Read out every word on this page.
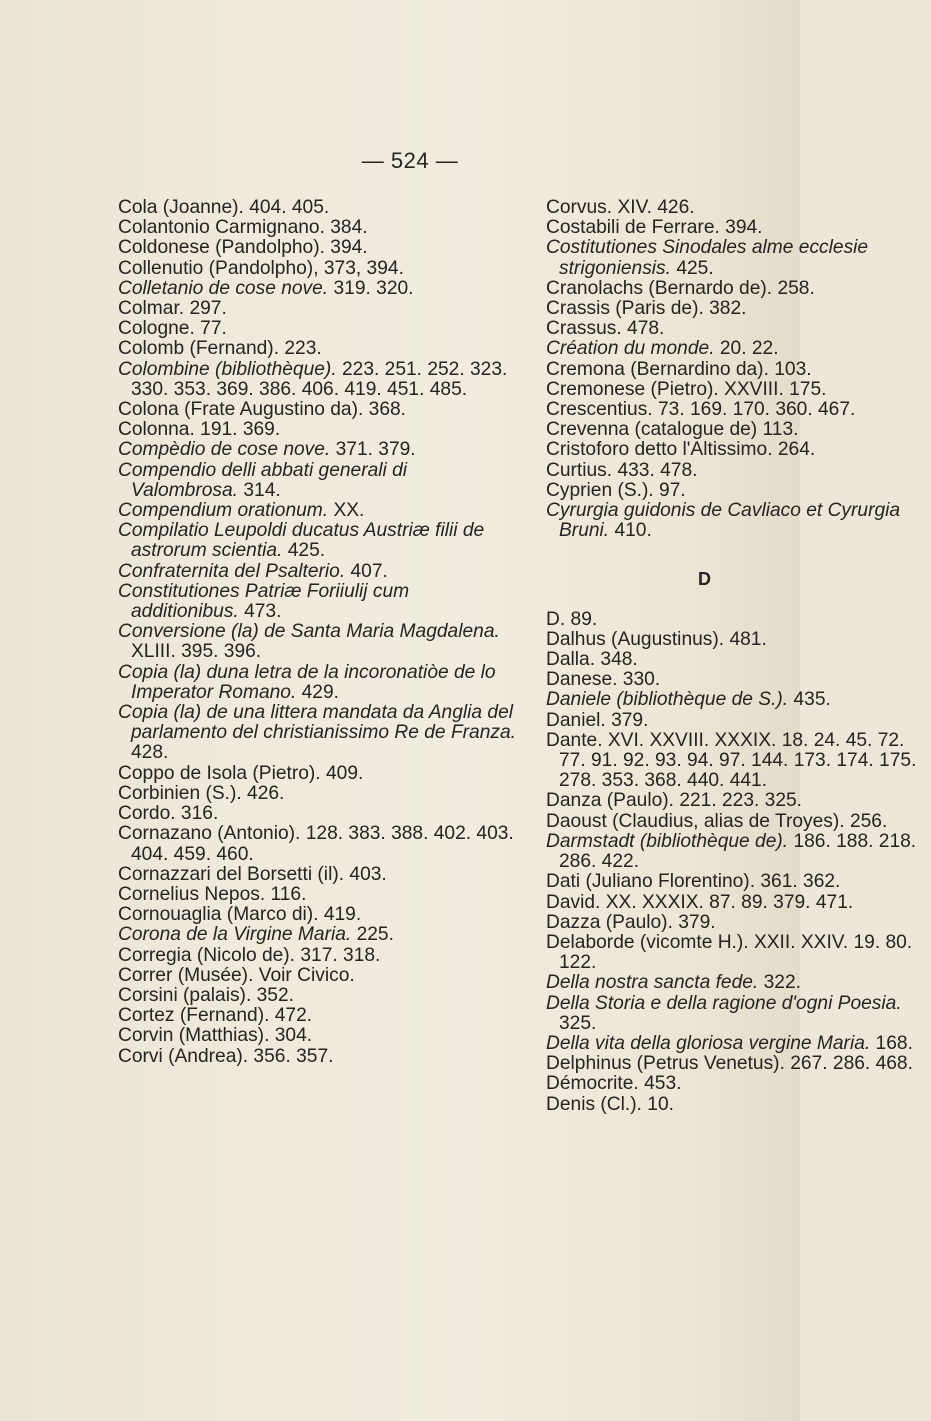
— 524 —
Cola (Joanne). 404. 405.
Colantonio Carmignano. 384.
Coldonese (Pandolpho). 394.
Collenutio (Pandolpho), 373, 394.
Colletanio de cose nove. 319. 320.
Colmar. 297.
Cologne. 77.
Colomb (Fernand). 223.
Colombine (bibliothèque). 223. 251. 252. 323. 330. 353. 369. 386. 406. 419. 451. 485.
Colona (Frate Augustino da). 368.
Colonna. 191. 369.
Compèdio de cose nove. 371. 379.
Compendio delli abbati generali di Valombrosa. 314.
Compendium orationum. XX.
Compilatio Leupoldi ducatus Austriæ filii de astrorum scientia. 425.
Confraternita del Psalterio. 407.
Constitutiones Patriæ Foriiulij cum additionibus. 473.
Conversione (la) de Santa Maria Magdalena. XLIII. 395. 396.
Copia (la) duna letra de la incoronatiòe de lo Imperator Romano. 429.
Copia (la) de una littera mandata da Anglia del parlamento del christianissimo Re de Franza. 428.
Coppo de Isola (Pietro). 409.
Corbinien (S.). 426.
Cordo. 316.
Cornazano (Antonio). 128. 383. 388. 402. 403. 404. 459. 460.
Cornazzari del Borsetti (il). 403.
Cornelius Nepos. 116.
Cornouaglia (Marco di). 419.
Corona de la Virgine Maria. 225.
Corregia (Nicolo de). 317. 318.
Correr (Musée). Voir Civico.
Corsini (palais). 352.
Cortez (Fernand). 472.
Corvin (Matthias). 304.
Corvi (Andrea). 356. 357.
Corvus. XIV. 426.
Costabili de Ferrare. 394.
Costitutiones Sinodales alme ecclesie strigoniensis. 425.
Cranolachs (Bernardo de). 258.
Crassis (Paris de). 382.
Crassus. 478.
Création du monde. 20. 22.
Cremona (Bernardino da). 103.
Cremonese (Pietro). XXVIII. 175.
Crescentius. 73. 169. 170. 360. 467.
Crevenna (catalogue de) 113.
Cristoforo detto l'Altissimo. 264.
Curtius. 433. 478.
Cyprien (S.). 97.
Cyrurgia guidonis de Cavliaco et Cyrurgia Bruni. 410.
D
D. 89.
Dalhus (Augustinus). 481.
Dalla. 348.
Danese. 330.
Daniele (bibliothèque de S.). 435.
Daniel. 379.
Dante. XVI. XXVIII. XXXIX. 18. 24. 45. 72. 77. 91. 92. 93. 94. 97. 144. 173. 174. 175. 278. 353. 368. 440. 441.
Danza (Paulo). 221. 223. 325.
Daoust (Claudius, alias de Troyes). 256.
Darmstadt (bibliothèque de). 186. 188. 218. 286. 422.
Dati (Juliano Florentino). 361. 362.
David. XX. XXXIX. 87. 89. 379. 471.
Dazza (Paulo). 379.
Delaborde (vicomte H.). XXII. XXIV. 19. 80. 122.
Della nostra sancta fede. 322.
Della Storia e della ragione d'ogni Poesia. 325.
Della vita della gloriosa vergine Maria. 168.
Delphinus (Petrus Venetus). 267. 286. 468.
Démocrite. 453.
Denis (Cl.). 10.
